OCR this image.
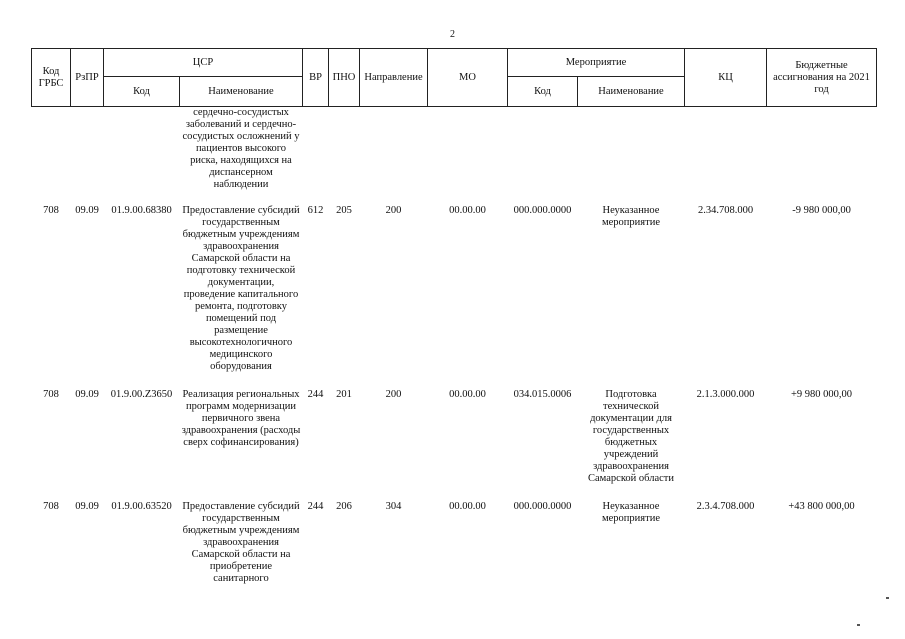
2
Код ГРБС	РзПР	ЦСР		ВР	ПНО	Направление	МО	Мероприятие		КЦ	Бюджетные ассигнования на 2021 год
		Код	Наименование					Код	Наименование		
			сердечно-сосудистых заболеваний и сердечно-сосудистых осложнений у пациентов высокого риска, находящихся на диспансерном наблюдении								
708	09.09	01.9.00.68380	Предоставление субсидий государственным бюджетным учреждениям здравоохранения Самарской области на подготовку технической документации, проведение капитального ремонта, подготовку помещений под размещение высокотехнологичного медицинского оборудования	612	205	200	00.00.00	000.000.0000	Неуказанное мероприятие	2.34.708.000	-9 980 000,00
708	09.09	01.9.00.Z3650	Реализация региональных программ модернизации первичного звена здравоохранения (расходы сверх софинансирования)	244	201	200	00.00.00	034.015.0006	Подготовка технической документации для государственных бюджетных учреждений здравоохранения Самарской области	2.1.3.000.000	+9 980 000,00
708	09.09	01.9.00.63520	Предоставление субсидий государственным бюджетным учреждениям здравоохранения Самарской области на приобретение санитарного	244	206	304	00.00.00	000.000.0000	Неуказанное мероприятие	2.3.4.708.000	+43 800 000,00
